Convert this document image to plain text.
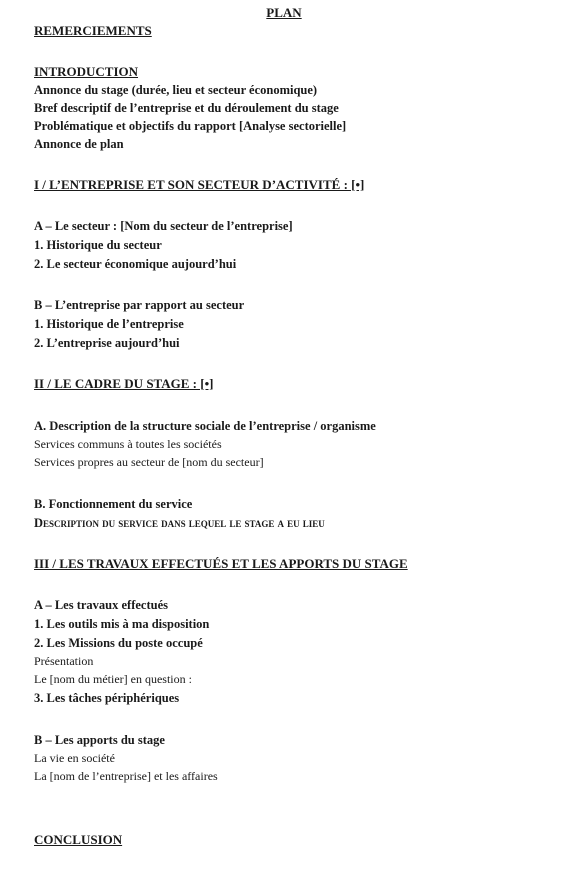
PLAN
REMERCIEMENTS
INTRODUCTION
Annonce du stage (durée, lieu et secteur économique)
Bref descriptif de l’entreprise et du déroulement du stage
Problématique et objectifs du rapport [Analyse sectorielle]
Annonce de plan
I / L’ENTREPRISE ET SON SECTEUR D’ACTIVITÉ : [•]
A – Le secteur : [Nom du secteur de l’entreprise]
1. Historique du secteur
2. Le secteur économique aujourd’hui
B – L’entreprise par rapport au secteur
1. Historique de l’entreprise
2. L’entreprise aujourd’hui
II / LE CADRE DU STAGE : [•]
A. Description de la structure sociale de l’entreprise / organisme
Services communs à toutes les sociétés
Services propres au secteur de [nom du secteur]
B. Fonctionnement du service
Description du service dans lequel le stage a eu lieu
III / LES TRAVAUX EFFECTUÉS ET LES APPORTS DU STAGE
A – Les travaux effectués
1. Les outils mis à ma disposition
2. Les Missions du poste occupé
Présentation
Le [nom du métier] en question :
3. Les tâches périphériques
B – Les apports du stage
La vie en société
La [nom de l’entreprise] et les affaires
CONCLUSION
